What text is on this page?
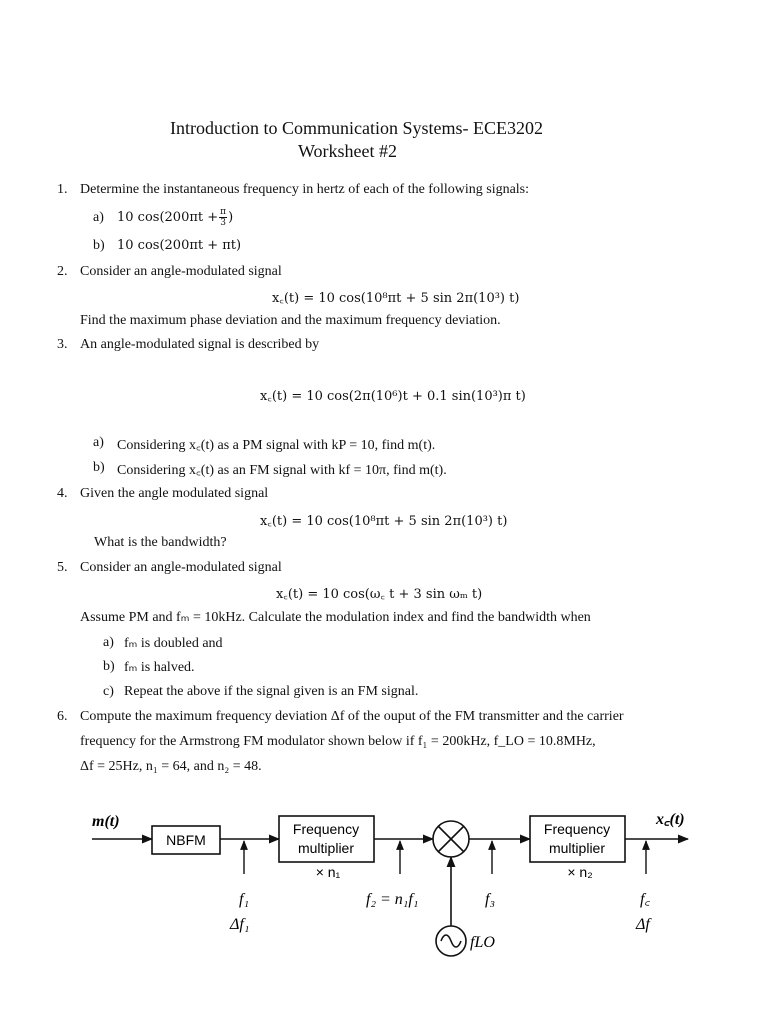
Introduction to Communication Systems- ECE3202
Worksheet #2
1. Determine the instantaneous frequency in hertz of each of the following signals:
a) 10 $\cos(200\pi t + \frac{\pi}{3}$ )
b) 10 cos(200πt + πt)
2. Consider an angle-modulated signal
x꜀(t) = 10 cos(10⁸πt + 5 sin 2π(10³) t)
Find the maximum phase deviation and the maximum frequency deviation.
3. An angle-modulated signal is described by
x꜀(t) = 10 cos(2π(10⁶)t + 0.1 sin(10³)π t)
a) Considering x꜀(t) as a PM signal with kP = 10, find m(t).
b) Considering x꜀(t) as an FM signal with kf = 10π, find m(t).
4. Given the angle modulated signal
x꜀(t) = 10 cos(10⁸πt + 5 sin 2π(10³) t)
What is the bandwidth?
5. Consider an angle-modulated signal
x꜀(t) = 10 cos(ω꜀ t + 3 sin ωₘ t)
Assume PM and fₘ = 10kHz. Calculate the modulation index and find the bandwidth when
a) fₘ is doubled and
b) fₘ is halved.
c) Repeat the above if the signal given is an FM signal.
6. Compute the maximum frequency deviation Δf of the ouput of the FM transmitter and the carrier
frequency for the Armstrong FM modulator shown below if f₁ = 200kHz, f_LO = 10.8MHz,
Δf = 25Hz, n₁ = 64, and n₂ = 48.
m(t)
NBFM
Frequency
multiplier
× n₁
Frequency
multiplier
× n₂
x꜀(t)
f₁
Δf₁
f₂ = n₁f₁	f₃	f꜀
Δf
fLO
